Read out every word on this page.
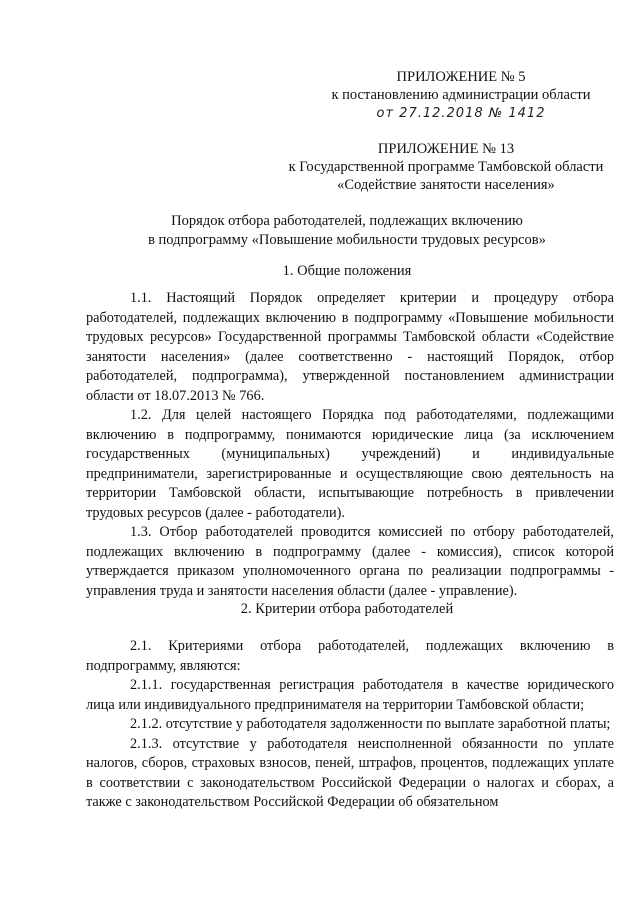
ПРИЛОЖЕНИЕ № 5
к постановлению администрации области
от 27.12.2018 № 1412
ПРИЛОЖЕНИЕ № 13
к Государственной программе Тамбовской области
«Содействие занятости населения»
Порядок отбора работодателей, подлежащих включению
в подпрограмму «Повышение мобильности трудовых ресурсов»
1. Общие положения

1.1. Настоящий Порядок определяет критерии и процедуру отбора работодателей, подлежащих включению в подпрограмму «Повышение мобильности трудовых ресурсов» Государственной программы Тамбовской области «Содействие занятости населения» (далее соответственно - настоящий Порядок, отбор работодателей, подпрограмма), утвержденной постановлением администрации области от 18.07.2013 № 766.

1.2. Для целей настоящего Порядка под работодателями, подлежащими включению в подпрограмму, понимаются юридические лица (за исключением государственных (муниципальных) учреждений) и индивидуальные предприниматели, зарегистрированные и осуществляющие свою деятельность на территории Тамбовской области, испытывающие потребность в привлечении трудовых ресурсов (далее - работодатели).

1.3. Отбор работодателей проводится комиссией по отбору работодателей, подлежащих включению в подпрограмму (далее - комиссия), список которой утверждается приказом уполномоченного органа по реализации подпрограммы - управления труда и занятости населения области (далее - управление).

2. Критерии отбора работодателей

2.1. Критериями отбора работодателей, подлежащих включению в подпрограмму, являются:

2.1.1. государственная регистрация работодателя в качестве юридического лица или индивидуального предпринимателя на территории Тамбовской области;

2.1.2. отсутствие у работодателя задолженности по выплате заработной платы;

2.1.3. отсутствие у работодателя неисполненной обязанности по уплате налогов, сборов, страховых взносов, пеней, штрафов, процентов, подлежащих уплате в соответствии с законодательством Российской Федерации о налогах и сборах, а также с законодательством Российской Федерации об обязательном
